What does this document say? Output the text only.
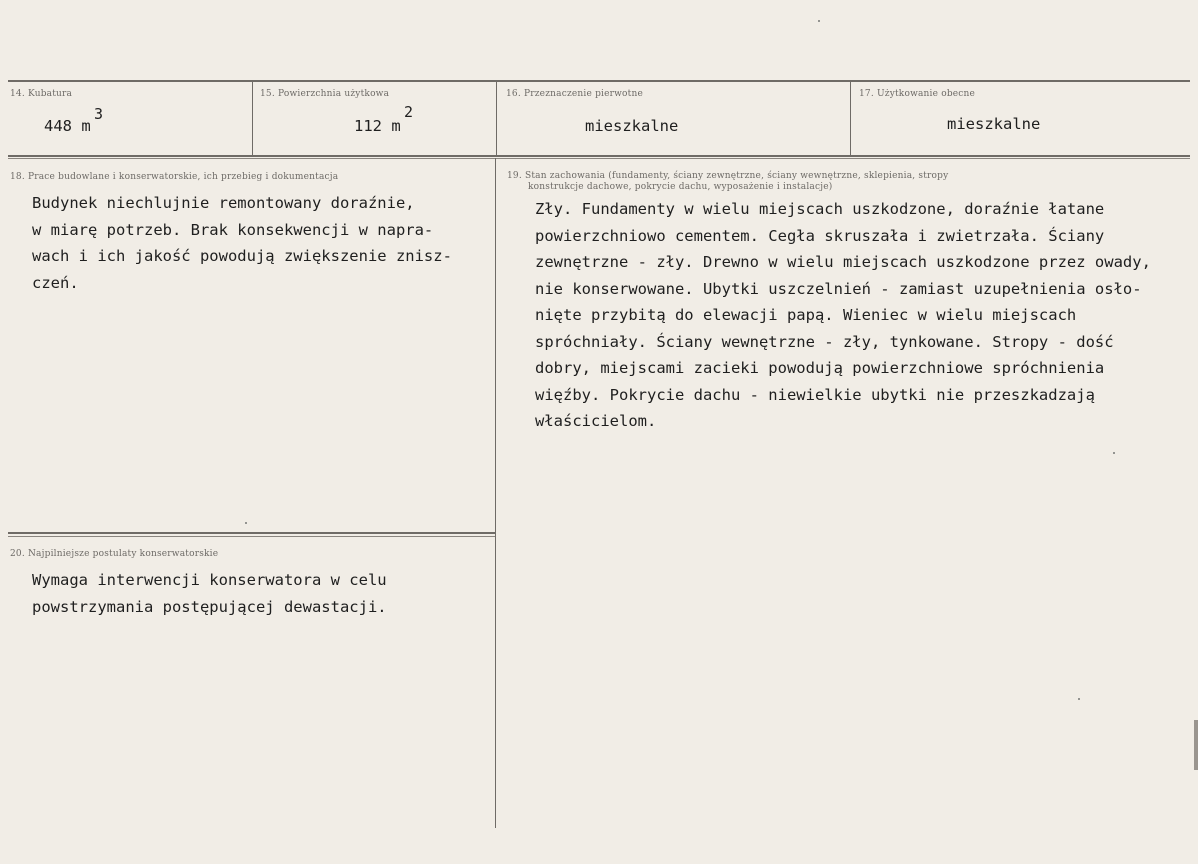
14. Kubatura
448 m
3
15. Powierzchnia użytkowa
112 m
2
16. Przeznaczenie pierwotne
mieszkalne
17. Użytkowanie obecne
mieszkalne
18. Prace budowlane i konserwatorskie, ich przebieg i dokumentacja
Budynek niechlujnie remontowany doraźnie,
w miarę potrzeb. Brak konsekwencji w napra-
wach i ich jakość powodują zwiększenie znisz-
czeń.
19. Stan zachowania (fundamenty, ściany zewnętrzne, ściany wewnętrzne, sklepienia, stropy
konstrukcje dachowe, pokrycie dachu, wyposażenie i instalacje)
Zły. Fundamenty w wielu miejscach uszkodzone, doraźnie łatane
powierzchniowo cementem. Cegła skruszała i zwietrzała. Ściany
zewnętrzne - zły. Drewno w wielu miejscach uszkodzone przez owady,
nie konserwowane. Ubytki uszczelnień - zamiast uzupełnienia osło-
nięte przybitą do elewacji papą. Wieniec w wielu miejscach
spróchniały. Ściany wewnętrzne - zły, tynkowane. Stropy - dość
dobry, miejscami zacieki powodują powierzchniowe spróchnienia
więźby. Pokrycie dachu - niewielkie ubytki nie przeszkadzają
właścicielom.
20. Najpilniejsze postulaty konserwatorskie
Wymaga interwencji konserwatora w celu
powstrzymania postępującej dewastacji.
